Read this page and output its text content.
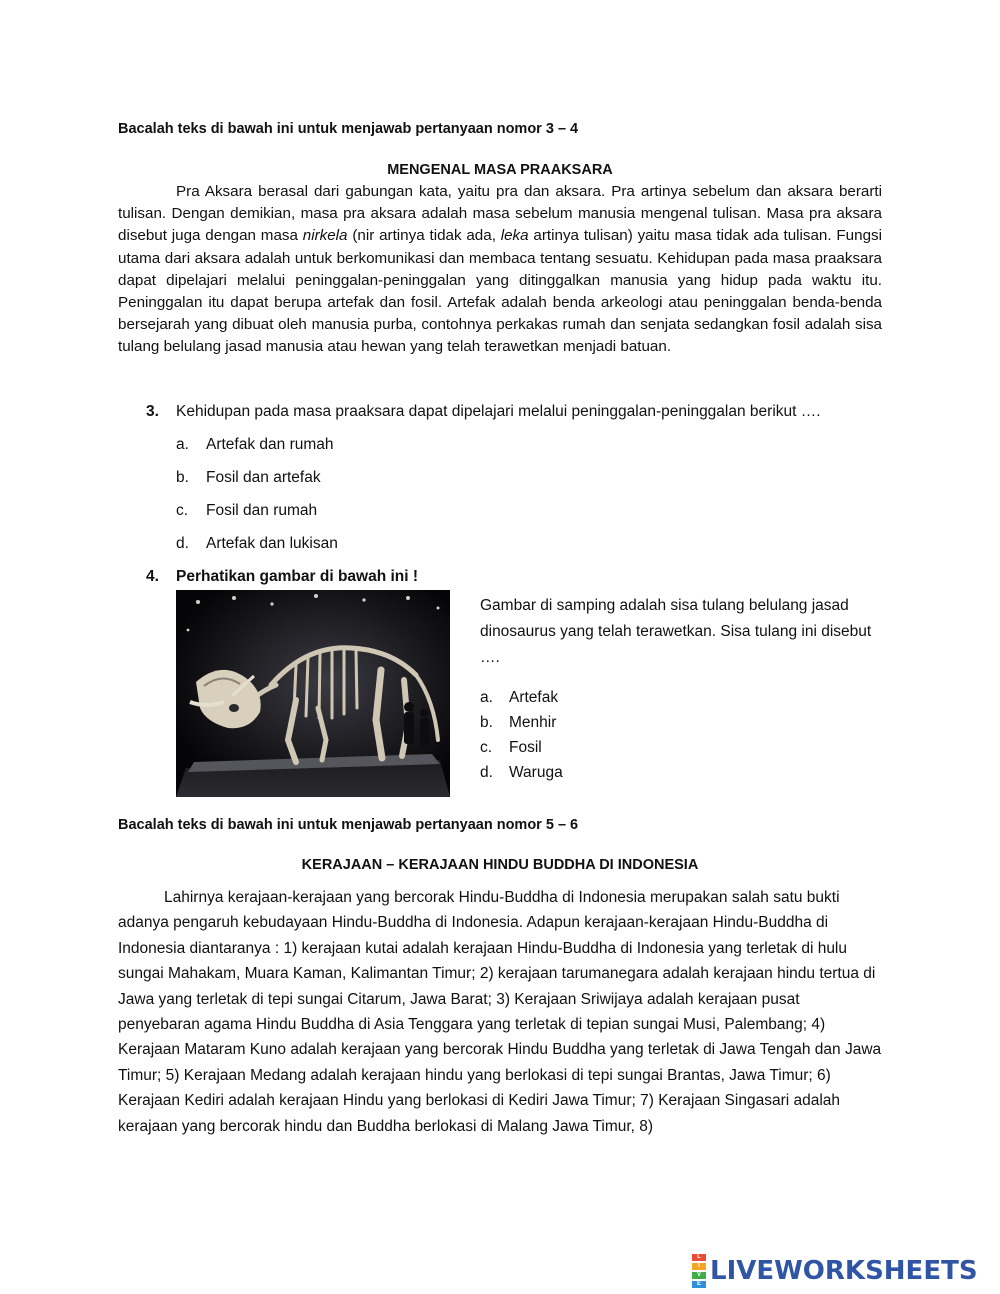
Bacalah teks di bawah ini untuk menjawab pertanyaan nomor 3 – 4
MENGENAL MASA PRAAKSARA
Pra Aksara berasal dari gabungan kata, yaitu pra dan aksara. Pra artinya sebelum dan aksara berarti tulisan. Dengan demikian, masa pra aksara adalah masa sebelum manusia mengenal tulisan. Masa pra aksara disebut juga dengan masa nirkela (nir artinya tidak ada, leka artinya tulisan) yaitu masa tidak ada tulisan. Fungsi utama dari aksara adalah untuk berkomunikasi dan membaca tentang sesuatu. Kehidupan pada masa praaksara dapat dipelajari melalui peninggalan-peninggalan yang ditinggalkan manusia yang hidup pada waktu itu. Peninggalan itu dapat berupa artefak dan fosil. Artefak adalah benda arkeologi atau peninggalan benda-benda bersejarah yang dibuat oleh manusia purba, contohnya perkakas rumah dan senjata sedangkan fosil adalah sisa tulang belulang jasad manusia atau hewan yang telah terawetkan menjadi batuan.
3. Kehidupan pada masa praaksara dapat dipelajari melalui peninggalan-peninggalan berikut ….
a. Artefak dan rumah
b. Fosil dan artefak
c. Fosil dan rumah
d. Artefak dan lukisan
4. Perhatikan gambar di bawah ini !
Gambar di samping adalah sisa tulang belulang jasad dinosaurus yang telah terawetkan. Sisa tulang ini disebut ….
a. Artefak
b. Menhir
c. Fosil
d. Waruga
Bacalah teks di bawah ini untuk menjawab pertanyaan nomor 5 – 6
KERAJAAN – KERAJAAN HINDU BUDDHA DI INDONESIA
Lahirnya kerajaan-kerajaan yang bercorak Hindu-Buddha di Indonesia merupakan salah satu bukti adanya pengaruh kebudayaan Hindu-Buddha di Indonesia. Adapun kerajaan-kerajaan Hindu-Buddha di Indonesia diantaranya : 1) kerajaan kutai adalah kerajaan Hindu-Buddha di Indonesia yang terletak di hulu sungai Mahakam, Muara Kaman, Kalimantan Timur; 2) kerajaan tarumanegara adalah kerajaan hindu tertua di Jawa yang terletak di tepi sungai Citarum, Jawa Barat; 3) Kerajaan Sriwijaya adalah kerajaan pusat penyebaran agama Hindu Buddha di Asia Tenggara yang terletak di tepian sungai Musi, Palembang; 4) Kerajaan Mataram Kuno adalah kerajaan yang bercorak Hindu Buddha yang terletak di Jawa Tengah dan Jawa Timur; 5) Kerajaan Medang adalah kerajaan hindu yang berlokasi di tepi sungai Brantas, Jawa Timur; 6) Kerajaan Kediri adalah kerajaan Hindu yang berlokasi di Kediri Jawa Timur; 7) Kerajaan Singasari adalah kerajaan yang bercorak hindu dan Buddha berlokasi di Malang Jawa Timur, 8)
L
I
V
E LIVEWORKSHEETS
